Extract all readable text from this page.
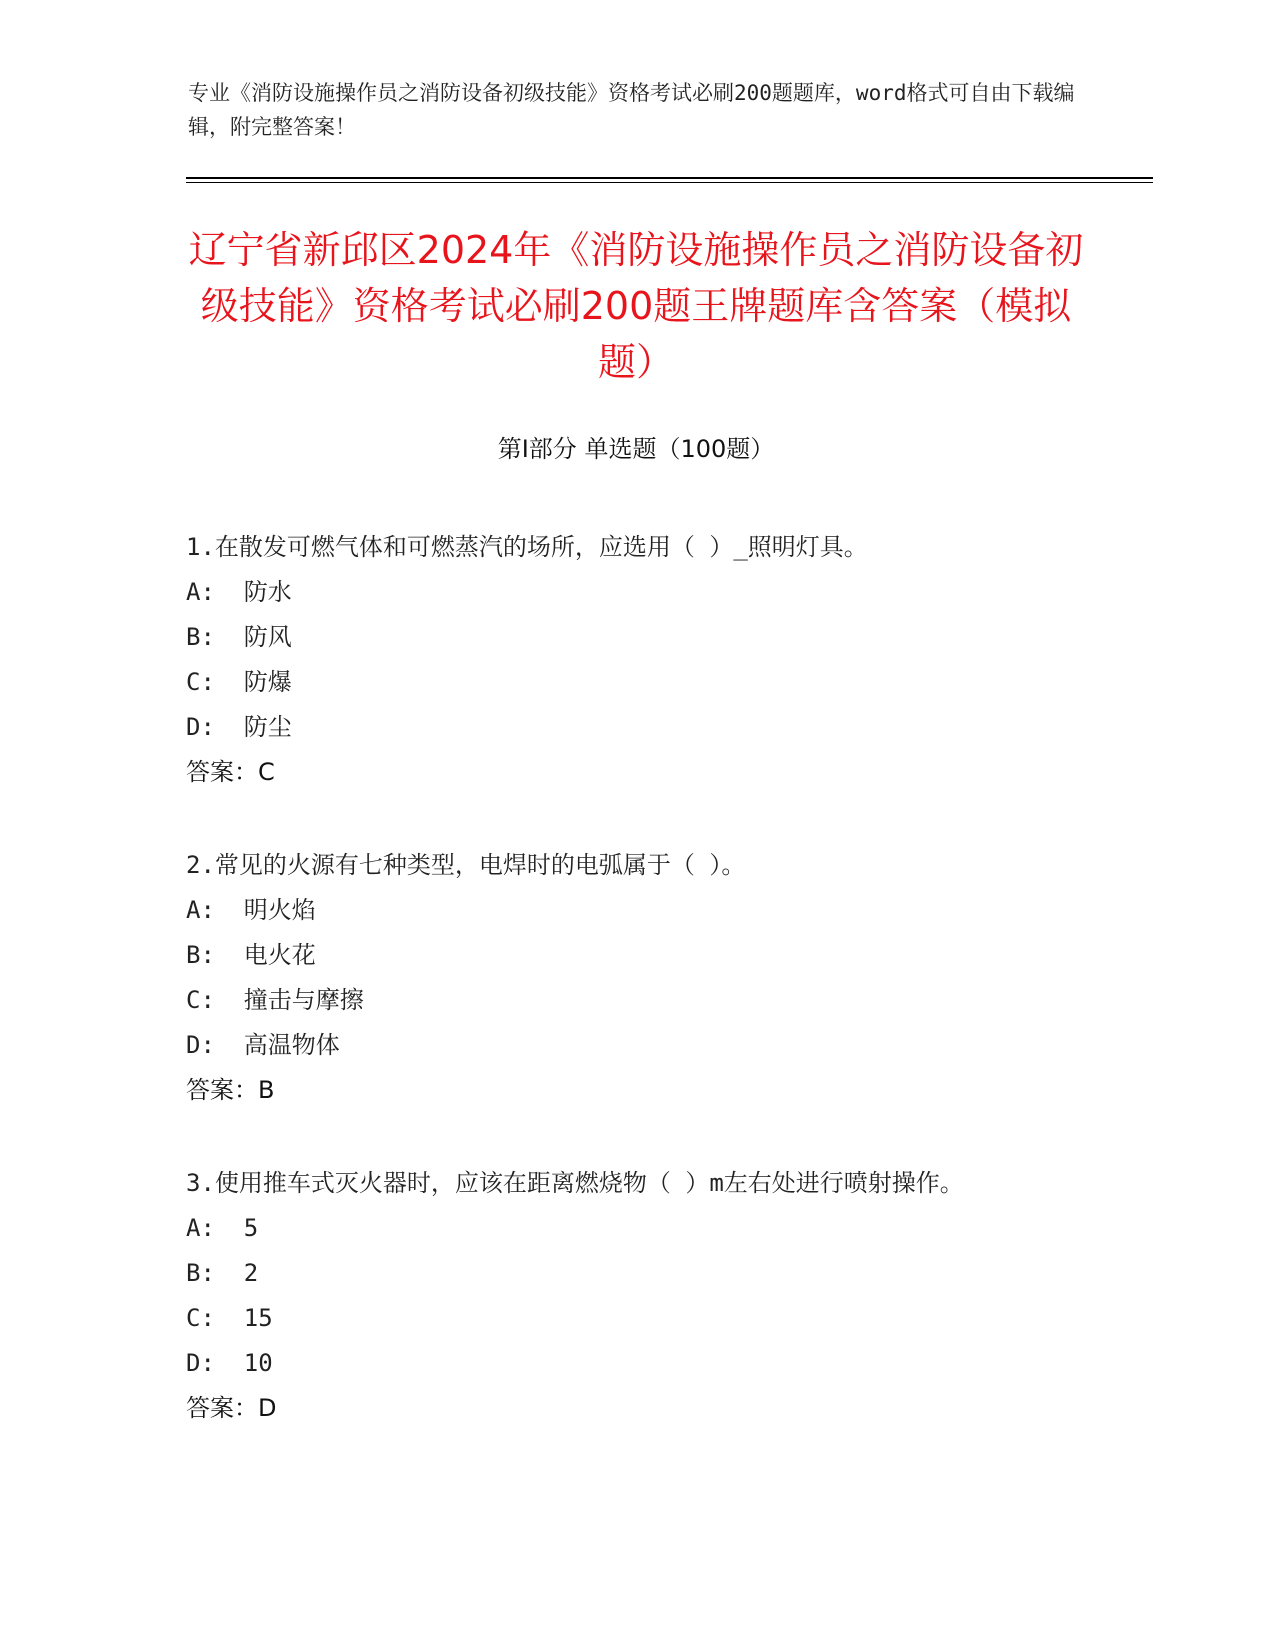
专业《消防设施操作员之消防设备初级技能》资格考试必刷200题题库，word格式可自由下载编辑，附完整答案！
辽宁省新邱区2024年《消防设施操作员之消防设备初级技能》资格考试必刷200题王牌题库含答案（模拟题）
第Ⅰ部分 单选题（100题）
1.在散发可燃气体和可燃蒸汽的场所，应选用（ ）_照明灯具。
A:  防水
B:  防风
C:  防爆
D:  防尘
答案：C
2.常见的火源有七种类型，电焊时的电弧属于（ ）。
A:  明火焰
B:  电火花
C:  撞击与摩擦
D:  高温物体
答案：B
3.使用推车式灭火器时，应该在距离燃烧物（ ）m左右处进行喷射操作。
A:  5
B:  2
C:  15
D:  10
答案：D
